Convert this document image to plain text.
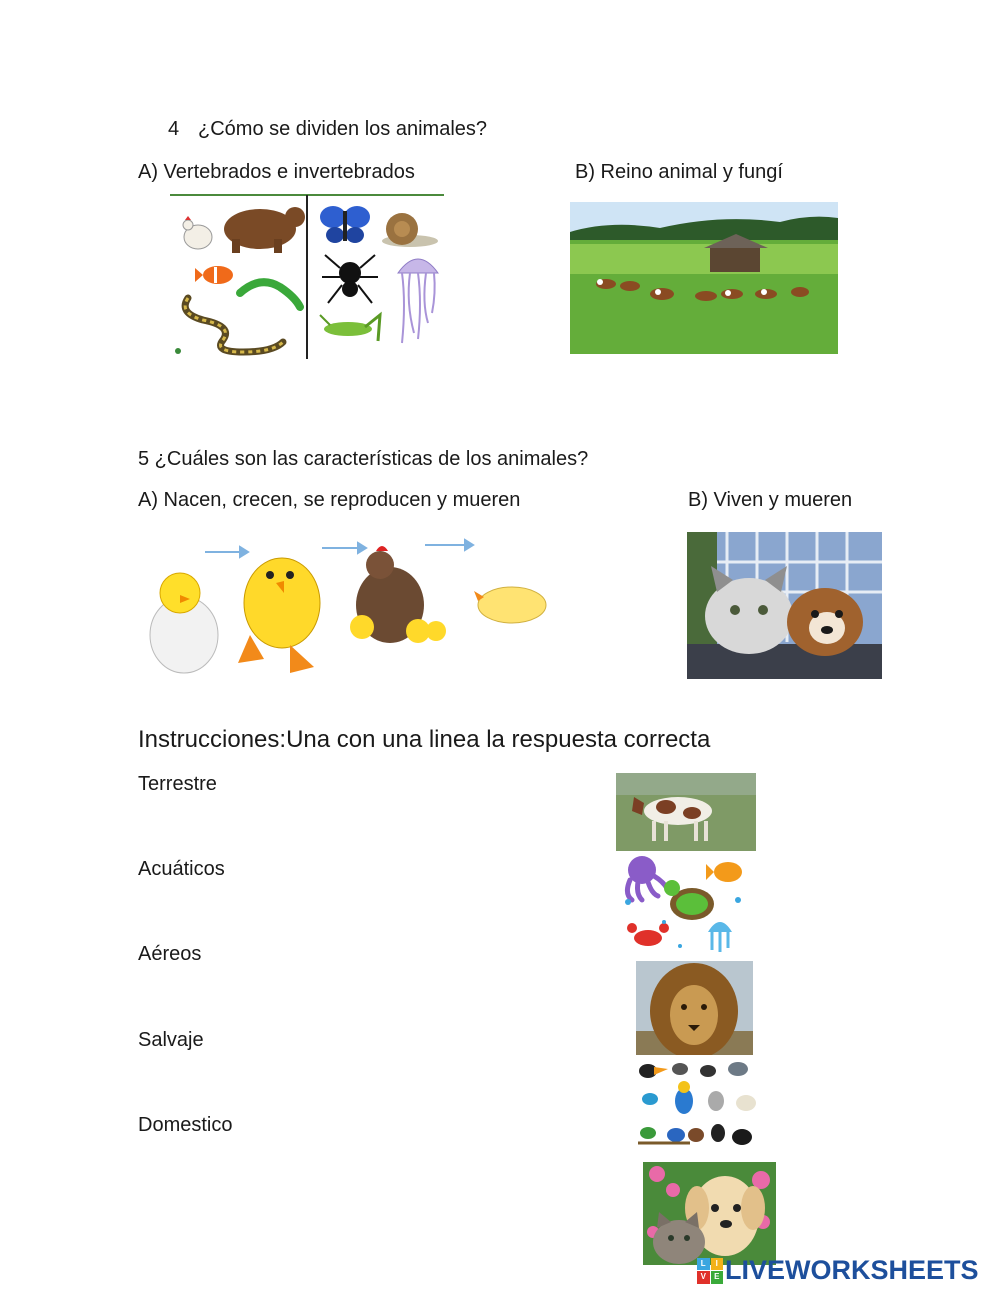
4 ¿Cómo se dividen los animales?
A) Vertebrados e invertebrados	B) Reino animal y fungí
5 ¿Cuáles son las características de los animales?
A) Nacen, crecen, se reproducen y mueren	B) Viven y mueren
Instrucciones:Una con una linea la respuesta correcta
Terrestre
Acuáticos
Aéreos
Salvaje
Domestico
L	I
V	E LIVEWORKSHEETS
